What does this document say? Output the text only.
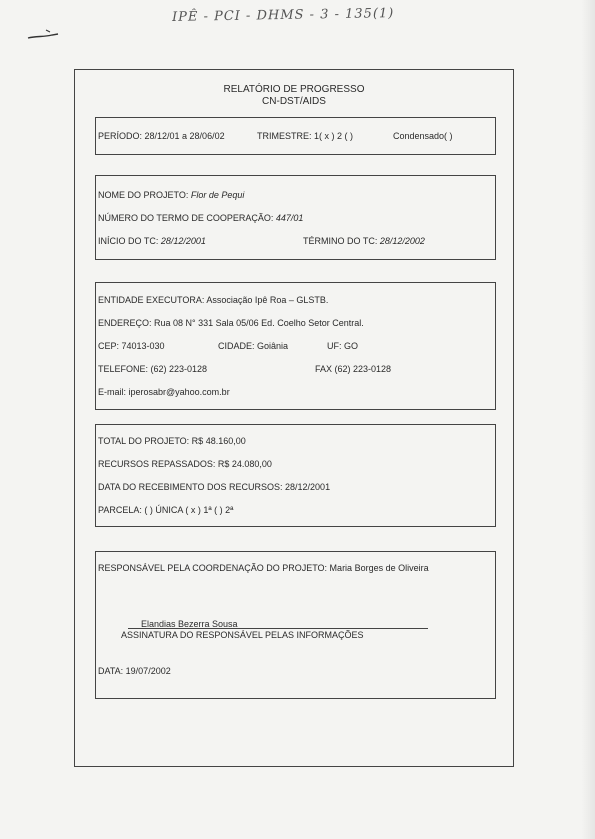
IPÊ - PCI - DHMS - 3 - 135(1)
RELATÓRIO DE PROGRESSO
CN-DST/AIDS
PERÍODO: 28/12/01 a 28/06/02	TRIMESTRE: 1( x ) 2 ( )	Condensado( )
NOME DO PROJETO: Flor de Pequi
NÚMERO DO TERMO DE COOPERAÇÃO: 447/01
INÍCIO DO TC: 28/12/2001	TÉRMINO DO TC: 28/12/2002
ENTIDADE EXECUTORA: Associação Ipê Roa – GLSTB.
ENDEREÇO: Rua 08 N° 331 Sala 05/06 Ed. Coelho Setor Central.
CEP: 74013-030	CIDADE: Goiânia	UF: GO
TELEFONE: (62) 223-0128	FAX (62) 223-0128
E-mail: iperosabr@yahoo.com.br
TOTAL DO PROJETO: R$ 48.160,00
RECURSOS REPASSADOS: R$ 24.080,00
DATA DO RECEBIMENTO DOS RECURSOS: 28/12/2001
PARCELA: ( ) ÚNICA ( x ) 1ª ( ) 2ª
RESPONSÁVEL PELA COORDENAÇÃO DO PROJETO: Maria Borges de Oliveira
Elandias Bezerra Sousa
ASSINATURA DO RESPONSÁVEL PELAS INFORMAÇÕES
DATA: 19/07/2002
